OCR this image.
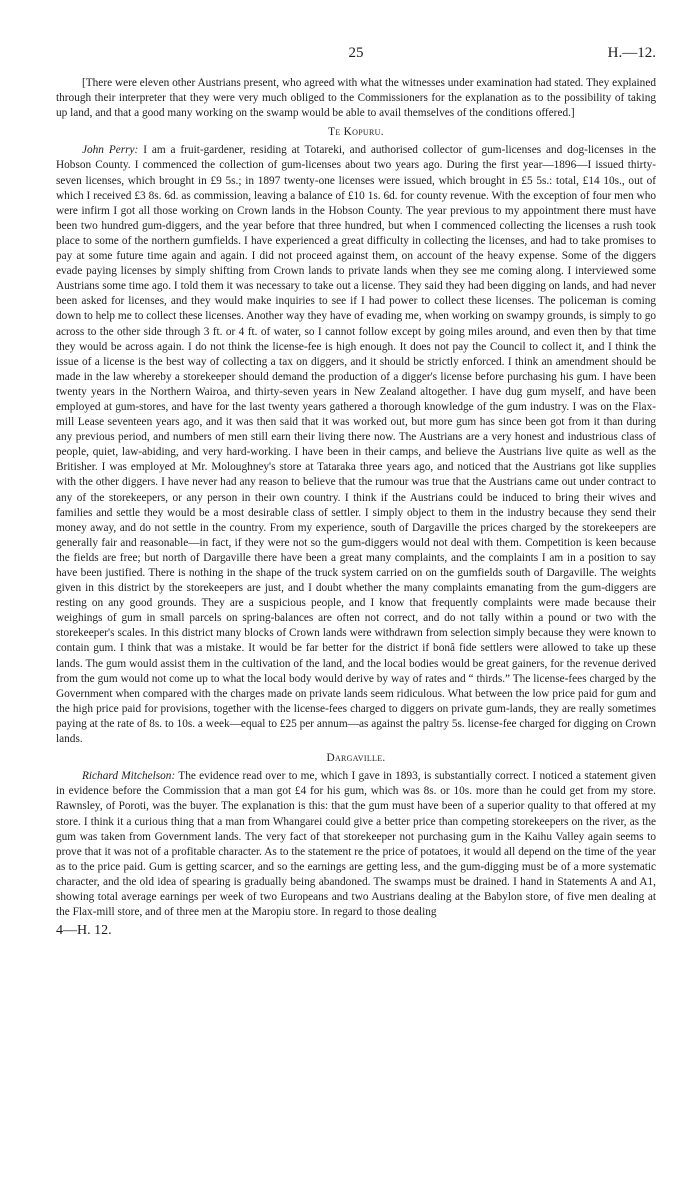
25	H.—12.

[There were eleven other Austrians present, who agreed with what the witnesses under examination had stated. They explained through their interpreter that they were very much obliged to the Commissioners for the explanation as to the possibility of taking up land, and that a good many working on the swamp would be able to avail themselves of the conditions offered.]

Te Kopuru.

John Perry: I am a fruit-gardener, residing at Totareki, and authorised collector of gum-licenses and dog-licenses in the Hobson County. I commenced the collection of gum-licenses about two years ago. During the first year—1896—I issued thirty-seven licenses, which brought in £9 5s.; in 1897 twenty-one licenses were issued, which brought in £5 5s.: total, £14 10s., out of which I received £3 8s. 6d. as commission, leaving a balance of £10 1s. 6d. for county revenue. With the exception of four men who were infirm I got all those working on Crown lands in the Hobson County. The year previous to my appointment there must have been two hundred gum-diggers, and the year before that three hundred, but when I commenced collecting the licenses a rush took place to some of the northern gumfields. I have experienced a great difficulty in collecting the licenses, and had to take promises to pay at some future time again and again. I did not proceed against them, on account of the heavy expense. Some of the diggers evade paying licenses by simply shifting from Crown lands to private lands when they see me coming along. I interviewed some Austrians some time ago. I told them it was necessary to take out a license. They said they had been digging on lands, and had never been asked for licenses, and they would make inquiries to see if I had power to collect these licenses. The policeman is coming down to help me to collect these licenses. Another way they have of evading me, when working on swampy grounds, is simply to go across to the other side through 3 ft. or 4 ft. of water, so I cannot follow except by going miles around, and even then by that time they would be across again. I do not think the license-fee is high enough. It does not pay the Council to collect it, and I think the issue of a license is the best way of collecting a tax on diggers, and it should be strictly enforced. I think an amendment should be made in the law whereby a storekeeper should demand the production of a digger's license before purchasing his gum. I have been twenty years in the Northern Wairoa, and thirty-seven years in New Zealand altogether. I have dug gum myself, and have been employed at gum-stores, and have for the last twenty years gathered a thorough knowledge of the gum industry. I was on the Flax-mill Lease seventeen years ago, and it was then said that it was worked out, but more gum has since been got from it than during any previous period, and numbers of men still earn their living there now. The Austrians are a very honest and industrious class of people, quiet, law-abiding, and very hard-working. I have been in their camps, and believe the Austrians live quite as well as the Britisher. I was employed at Mr. Moloughney's store at Tataraka three years ago, and noticed that the Austrians got like supplies with the other diggers. I have never had any reason to believe that the rumour was true that the Austrians came out under contract to any of the storekeepers, or any person in their own country. I think if the Austrians could be induced to bring their wives and families and settle they would be a most desirable class of settler. I simply object to them in the industry because they send their money away, and do not settle in the country. From my experience, south of Dargaville the prices charged by the storekeepers are generally fair and reasonable—in fact, if they were not so the gum-diggers would not deal with them. Competition is keen because the fields are free; but north of Dargaville there have been a great many complaints, and the complaints I am in a position to say have been justified. There is nothing in the shape of the truck system carried on on the gumfields south of Dargaville. The weights given in this district by the storekeepers are just, and I doubt whether the many complaints emanating from the gum-diggers are resting on any good grounds. They are a suspicious people, and I know that frequently complaints were made because their weighings of gum in small parcels on spring-balances are often not correct, and do not tally within a pound or two with the storekeeper's scales. In this district many blocks of Crown lands were withdrawn from selection simply because they were known to contain gum. I think that was a mistake. It would be far better for the district if bonâ fide settlers were allowed to take up these lands. The gum would assist them in the cultivation of the land, and the local bodies would be great gainers, for the revenue derived from the gum would not come up to what the local body would derive by way of rates and “ thirds.” The license-fees charged by the Government when compared with the charges made on private lands seem ridiculous. What between the low price paid for gum and the high price paid for provisions, together with the license-fees charged to diggers on private gum-lands, they are really sometimes paying at the rate of 8s. to 10s. a week—equal to £25 per annum—as against the paltry 5s. license-fee charged for digging on Crown lands.

Dargaville.

Richard Mitchelson: The evidence read over to me, which I gave in 1893, is substantially correct. I noticed a statement given in evidence before the Commission that a man got £4 for his gum, which was 8s. or 10s. more than he could get from my store. Rawnsley, of Poroti, was the buyer. The explanation is this: that the gum must have been of a superior quality to that offered at my store. I think it a curious thing that a man from Whangarei could give a better price than competing storekeepers on the river, as the gum was taken from Government lands. The very fact of that storekeeper not purchasing gum in the Kaihu Valley again seems to prove that it was not of a profitable character. As to the statement re the price of potatoes, it would all depend on the time of the year as to the price paid. Gum is getting scarcer, and so the earnings are getting less, and the gum-digging must be of a more systematic character, and the old idea of spearing is gradually being abandoned. The swamps must be drained. I hand in Statements A and A1, showing total average earnings per week of two Europeans and two Austrians dealing at the Babylon store, of five men dealing at the Flax-mill store, and of three men at the Maropiu store. In regard to those dealing

4—H. 12.
